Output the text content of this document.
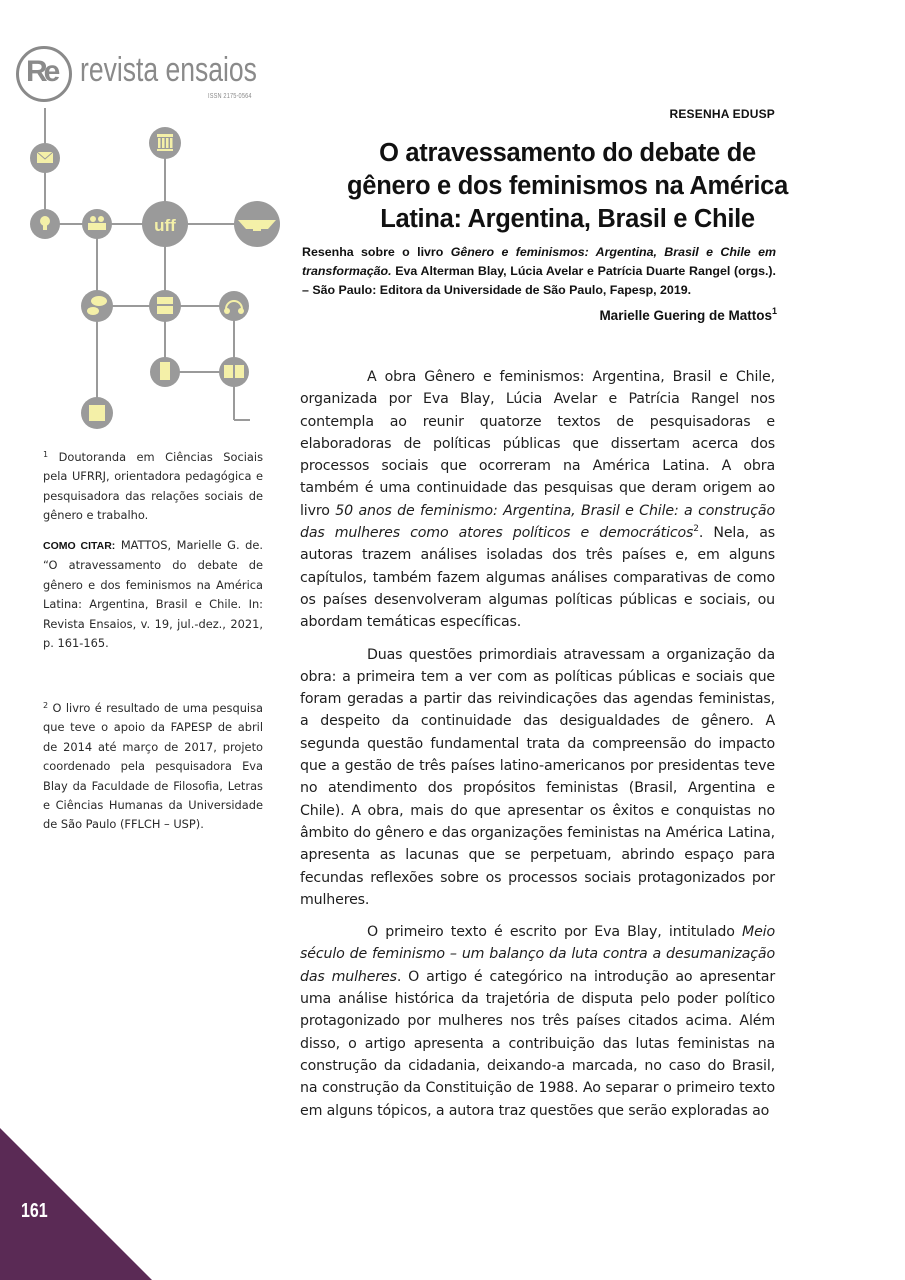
Re revista ensaios
ISSN 2175-0564
uff
RESENHA EDUSP
O atravessamento do debate de
gênero e dos feminismos na América
Latina: Argentina, Brasil e Chile
Resenha sobre o livro Gênero e feminismos: Argentina, Brasil e Chile em transformação. Eva Alterman Blay, Lúcia Avelar e Patrícia Duarte Rangel (orgs.). – São Paulo: Editora da Universidade de São Paulo, Fapesp, 2019.
Marielle Guering de Mattos$^1$
$^1$ Doutoranda em Ciências Sociais pela UFRRJ, orientadora pedagógica e pesquisadora das relações sociais de gênero e trabalho.
COMO CITAR: MATTOS, Marielle G. de. “O atravessamento do debate de gênero e dos feminismos na América Latina: Argentina, Brasil e Chile. In: Revista Ensaios, v. 19, jul.-dez., 2021, p. 161-165.
$^2$ O livro é resultado de uma pesquisa que teve o apoio da FAPESP de abril de 2014 até março de 2017, projeto coordenado pela pesquisadora Eva Blay da Faculdade de Filosofia, Letras e Ciências Humanas da Universidade de São Paulo (FFLCH – USP).

A obra Gênero e feminismos: Argentina, Brasil e Chile, organizada por Eva Blay, Lúcia Avelar e Patrícia Rangel nos contempla ao reunir quatorze textos de pesquisadoras e elaboradoras de políticas públicas que dissertam acerca dos processos sociais que ocorreram na América Latina. A obra também é uma continuidade das pesquisas que deram origem ao livro 50 anos de feminismo: Argentina, Brasil e Chile: a construção das mulheres como atores políticos e democráticos$^2$. Nela, as autoras trazem análises isoladas dos três países e, em alguns capítulos, também fazem algumas análises comparativas de como os países desenvolveram algumas políticas públicas e sociais, ou abordam temáticas específicas.

Duas questões primordiais atravessam a organização da obra: a primeira tem a ver com as políticas públicas e sociais que foram geradas a partir das reivindicações das agendas feministas, a despeito da continuidade das desigualdades de gênero. A segunda questão fundamental trata da compreensão do impacto que a gestão de três países latino-americanos por presidentas teve no atendimento dos propósitos feministas (Brasil, Argentina e Chile). A obra, mais do que apresentar os êxitos e conquistas no âmbito do gênero e das organizações feministas na América Latina, apresenta as lacunas que se perpetuam, abrindo espaço para fecundas reflexões sobre os processos sociais protagonizados por mulheres.

O primeiro texto é escrito por Eva Blay, intitulado Meio século de feminismo – um balanço da luta contra a desumanização das mulheres. O artigo é categórico na introdução ao apresentar uma análise histórica da trajetória de disputa pelo poder político protagonizado por mulheres nos três países citados acima. Além disso, o artigo apresenta a contribuição das lutas feministas na construção da cidadania, deixando-a marcada, no caso do Brasil, na construção da Constituição de 1988. Ao separar o primeiro texto em alguns tópicos, a autora traz questões que serão exploradas ao

161
